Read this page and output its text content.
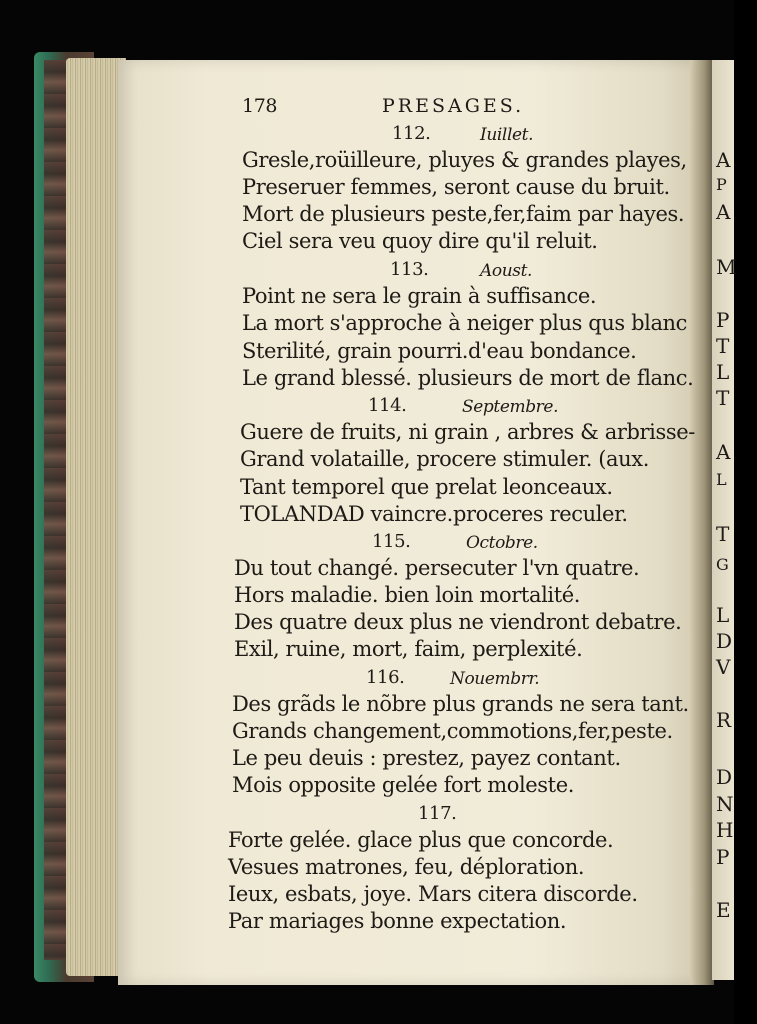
178	PRESAGES.
112.	Iuillet.
Gresle,roüilleure, pluyes & grandes playes,
Preseruer femmes, seront cause du bruit.
Mort de plusieurs peste,fer,faim par hayes.
Ciel sera veu quoy dire qu'il reluit.
113.	Aoust.
Point ne sera le grain à suffisance.
La mort s'approche à neiger plus qus blanc
Sterilité, grain pourri.d'eau bondance.
Le grand blessé. plusieurs de mort de flanc.
114.	Septembre.
Guere de fruits, ni grain , arbres & arbrisse-
Grand volataille, procere stimuler. (aux.
Tant temporel que prelat leonceaux.
TOLANDAD vaincre.proceres reculer.
115.	Octobre.
Du tout changé. persecuter l'vn quatre.
Hors maladie. bien loin mortalité.
Des quatre deux plus ne viendront debatre.
Exil, ruine, mort, faim, perplexité.
116.	Nouembrr.
Des grãds le nõbre plus grands ne sera tant.
Grands changement,commotions,fer,peste.
Le peu deuis : prestez, payez contant.
Mois opposite gelée fort moleste.
117.
Forte gelée. glace plus que concorde.
Vesues matrones, feu, déploration.
Ieux, esbats, joye. Mars citera discorde.
Par mariages bonne expectation.
A
P
A
M
P
T
L
T
A
L
T
G
L
D
V
R
D
N
H
P
E
